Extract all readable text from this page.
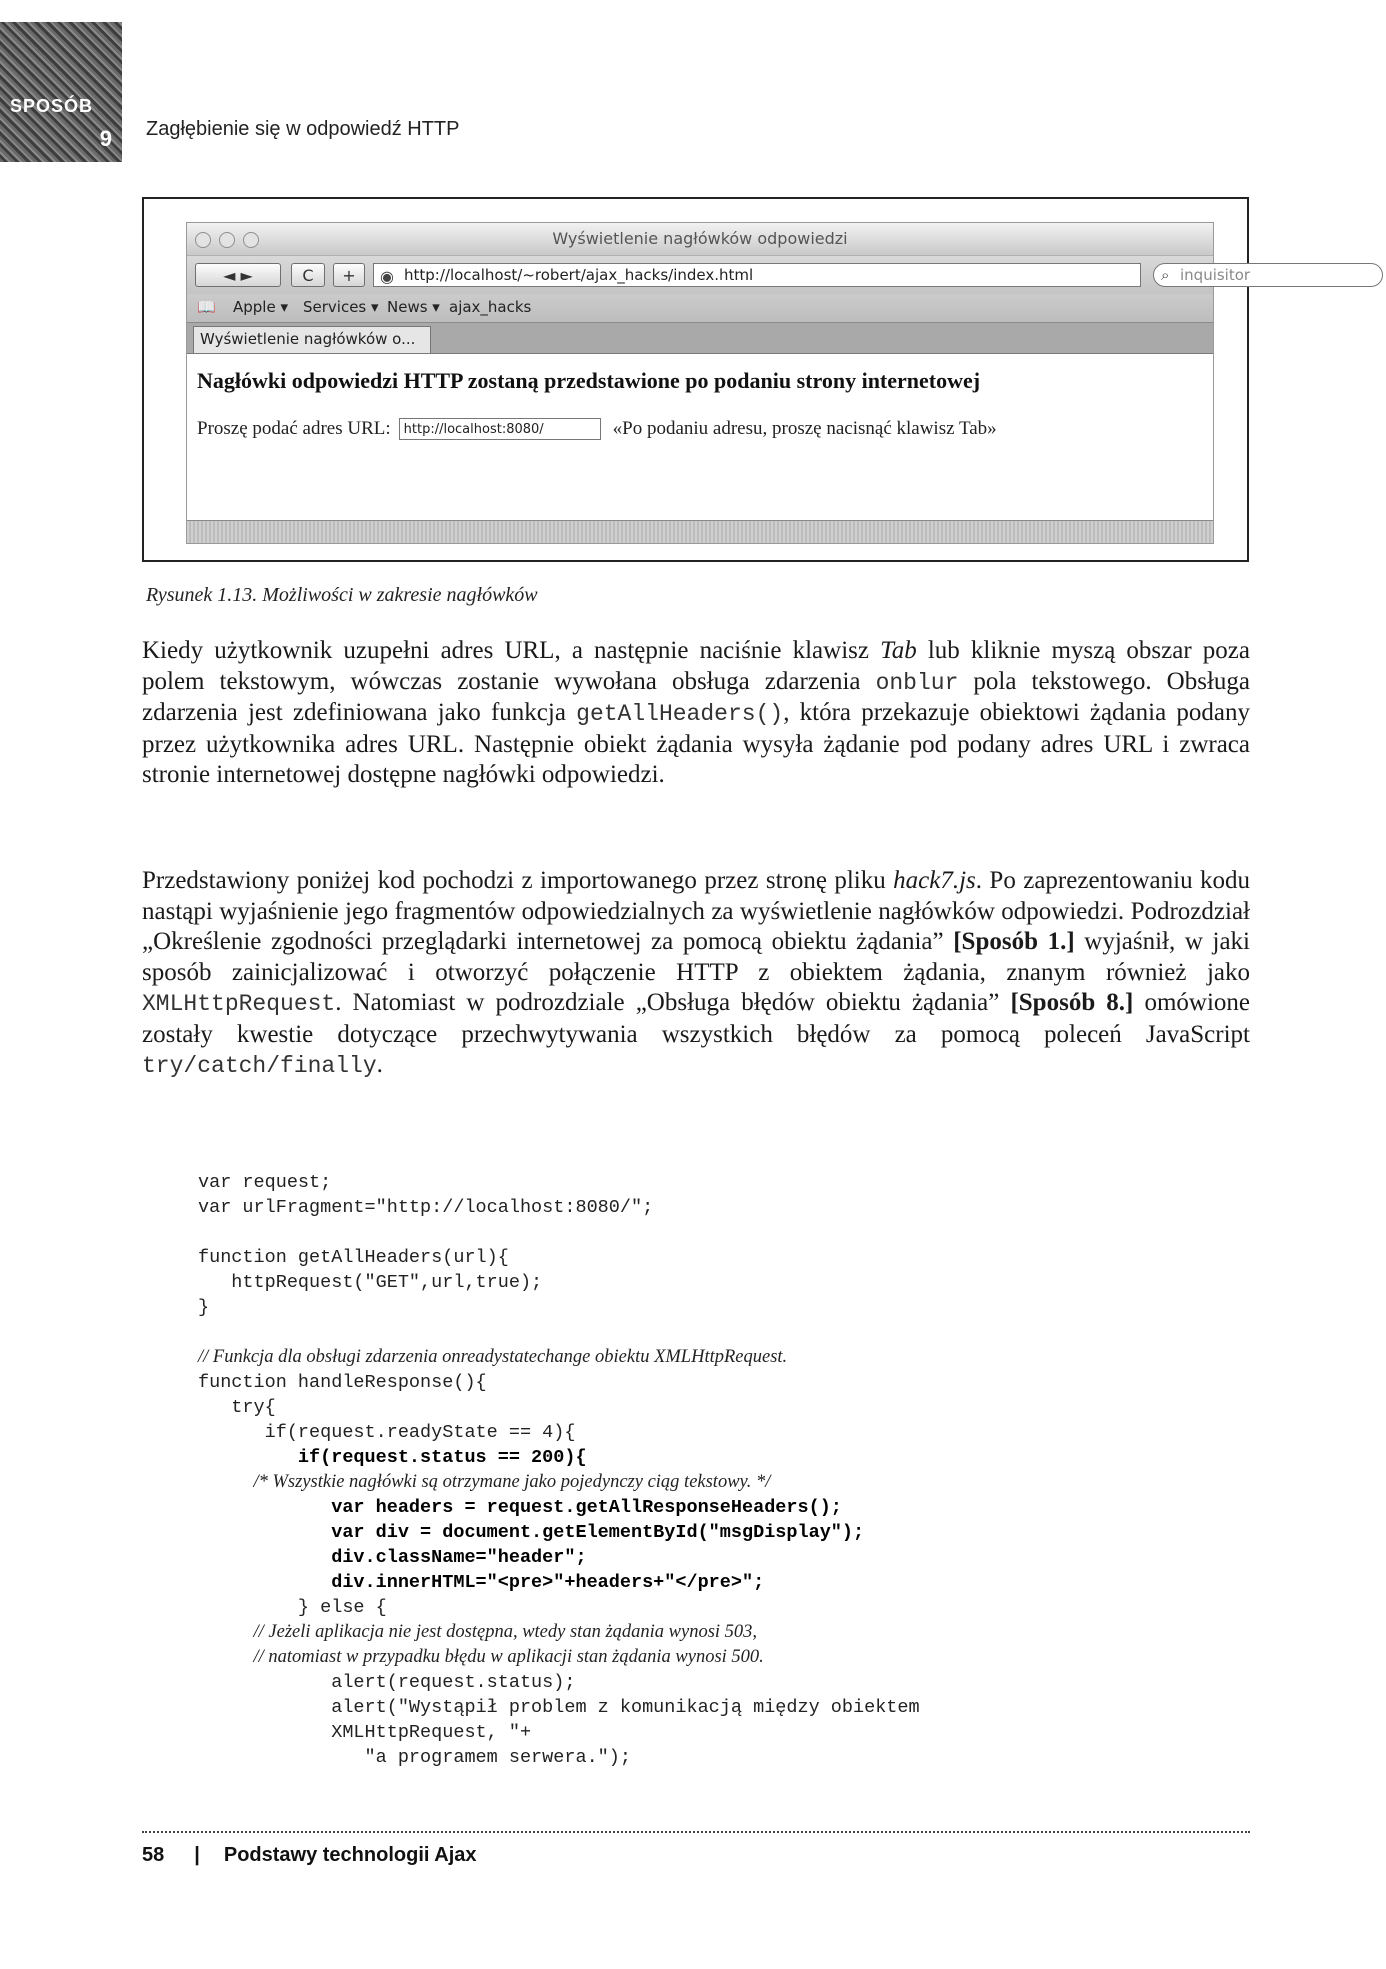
SPOSÓB
9 Zagłębienie się w odpowiedź HTTP
Wyświetlenie nagłówków odpowiedzi
◄ ►	C	+	◉ http://localhost/~robert/ajax_hacks/index.html	⌕ inquisitor
📖 Apple ▾ Services ▾ News ▾ ajax_hacks
Wyświetlenie nagłówków o...
Nagłówki odpowiedzi HTTP zostaną przedstawione po podaniu strony internetowej
Proszę podać adres URL:
http://localhost:8080/	«Po podaniu adresu, proszę nacisnąć klawisz Tab»
Rysunek 1.13. Możliwości w zakresie nagłówków

Kiedy użytkownik uzupełni adres URL, a następnie naciśnie klawisz Tab lub kliknie myszą obszar poza polem tekstowym, wówczas zostanie wywołana obsługa zdarzenia onblur pola tekstowego. Obsługa zdarzenia jest zdefiniowana jako funkcja getAllHeaders(), która przekazuje obiektowi żądania podany przez użytkownika adres URL. Następnie obiekt żądania wysyła żądanie pod podany adres URL i zwraca stronie internetowej dostępne nagłówki odpowiedzi.

Przedstawiony poniżej kod pochodzi z importowanego przez stronę pliku hack7.js. Po zaprezentowaniu kodu nastąpi wyjaśnienie jego fragmentów odpowiedzialnych za wyświetlenie nagłówków odpowiedzi. Podrozdział „Określenie zgodności przeglądarki internetowej za pomocą obiektu żądania” [Sposób 1.] wyjaśnił, w jaki sposób zainicjalizować i otworzyć połączenie HTTP z obiektem żądania, znanym również jako XMLHttpRequest. Natomiast w podrozdziale „Obsługa błędów obiektu żądania” [Sposób 8.] omówione zostały kwestie dotyczące przechwytywania wszystkich błędów za pomocą poleceń JavaScript try/catch/finally.

var request;
var urlFragment="http://localhost:8080/";
function getAllHeaders(url){
httpRequest("GET",url,true);
}
// Funkcja dla obsługi zdarzenia onreadystatechange obiektu XMLHttpRequest.
function handleResponse(){
try{
if(request.readyState == 4){
if(request.status == 200){
/* Wszystkie nagłówki są otrzymane jako pojedynczy ciąg tekstowy. */
var headers = request.getAllResponseHeaders();
var div = document.getElementById("msgDisplay");
div.className="header";
div.innerHTML="<pre>"+headers+"</pre>";
} else {
// Jeżeli aplikacja nie jest dostępna, wtedy stan żądania wynosi 503,
// natomiast w przypadku błędu w aplikacji stan żądania wynosi 500.
alert(request.status);
alert("Wystąpił problem z komunikacją między obiektem
XMLHttpRequest, "+
"a programem serwera.");
58 | Podstawy technologii Ajax
